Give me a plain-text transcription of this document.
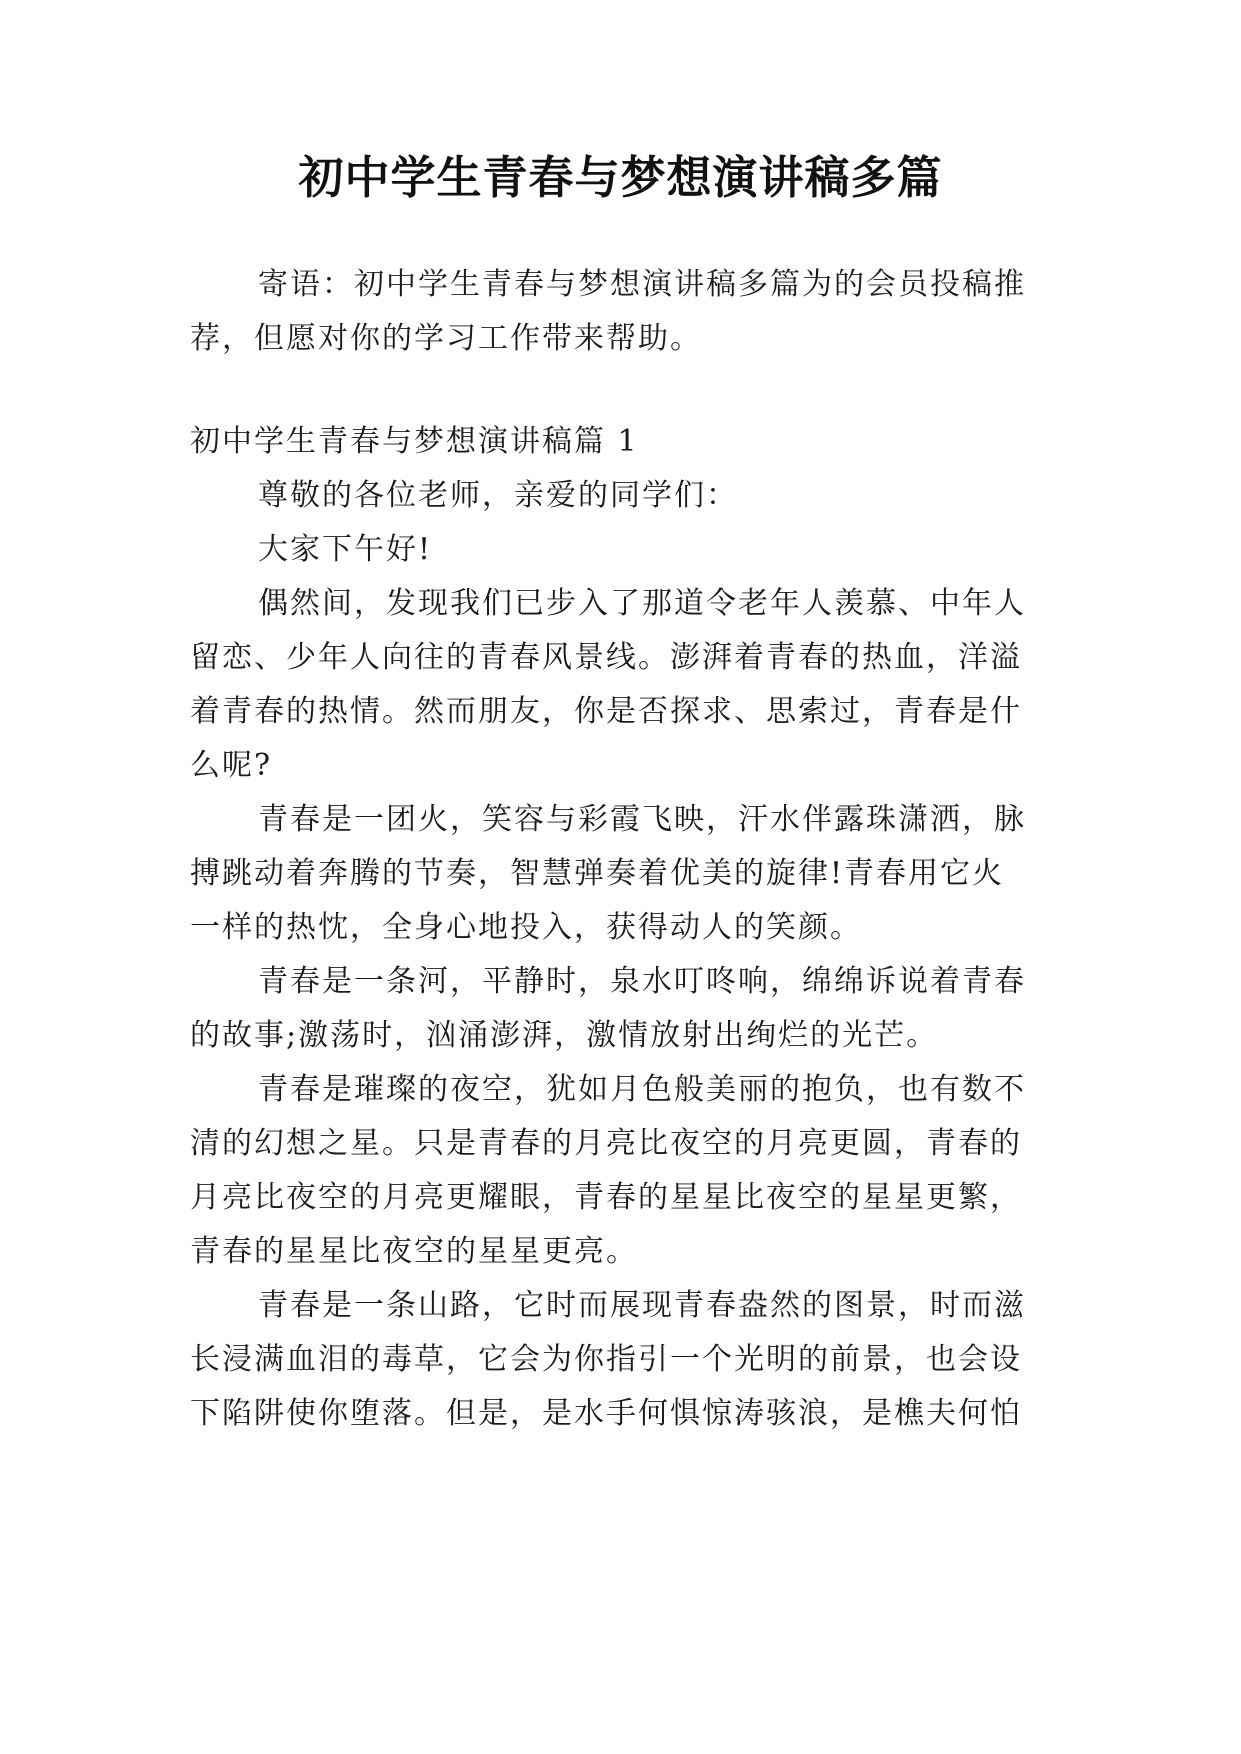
初中学生青春与梦想演讲稿多篇
寄语：初中学生青春与梦想演讲稿多篇为的会员投稿推
荐，但愿对你的学习工作带来帮助。
初中学生青春与梦想演讲稿篇 1
尊敬的各位老师，亲爱的同学们：
大家下午好!
偶然间，发现我们已步入了那道令老年人羡慕、中年人
留恋、少年人向往的青春风景线。澎湃着青春的热血，洋溢
着青春的热情。然而朋友，你是否探求、思索过，青春是什
么呢?
青春是一团火，笑容与彩霞飞映，汗水伴露珠潇洒，脉
搏跳动着奔腾的节奏，智慧弹奏着优美的旋律!青春用它火
一样的热忱，全身心地投入，获得动人的笑颜。
青春是一条河，平静时，泉水叮咚响，绵绵诉说着青春
的故事;激荡时，汹涌澎湃，激情放射出绚烂的光芒。
青春是璀璨的夜空，犹如月色般美丽的抱负，也有数不
清的幻想之星。只是青春的月亮比夜空的月亮更圆，青春的
月亮比夜空的月亮更耀眼，青春的星星比夜空的星星更繁，
青春的星星比夜空的星星更亮。
青春是一条山路，它时而展现青春盎然的图景，时而滋
长浸满血泪的毒草，它会为你指引一个光明的前景，也会设
下陷阱使你堕落。但是，是水手何惧惊涛骇浪，是樵夫何怕
